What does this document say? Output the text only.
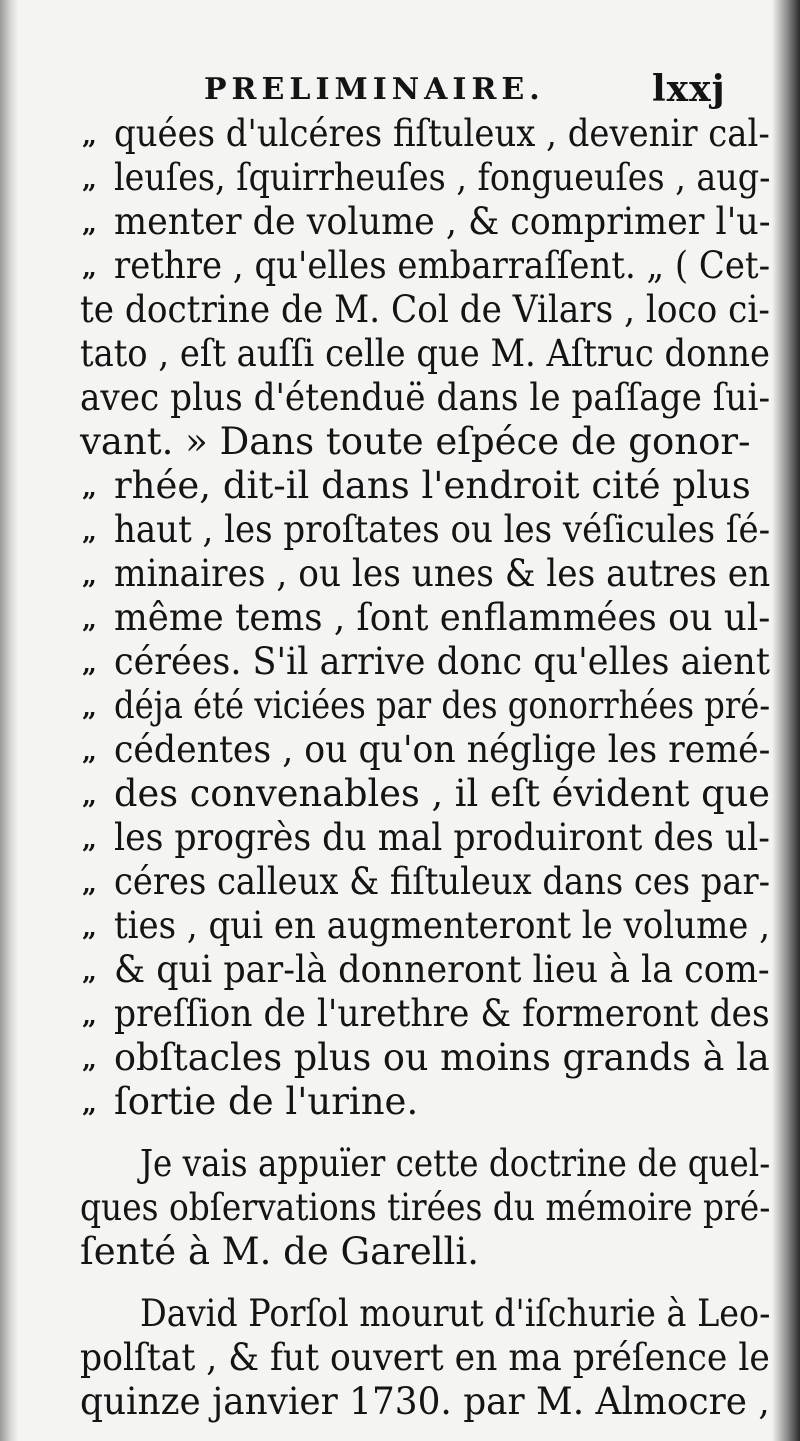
PRELIMINAIRE.	lxxj
„ quées d'ulcéres fiſtuleux , devenir cal-
„ leuſes, ſquirrheuſes , fongueuſes , aug-
„ menter de volume , & comprimer l'u-
„ rethre , qu'elles embarraſſent. „ ( Cet-
te doctrine de M. Col de Vilars , loco ci-
tato , eſt auſſi celle que M. Aſtruc donne
avec plus d'étenduë dans le paſſage ſui-
vant. » Dans toute eſpéce de gonor-
„ rhée, dit-il dans l'endroit cité plus
„ haut , les proſtates ou les véſicules ſé-
„ minaires , ou les unes & les autres en
„ même tems , ſont enflammées ou ul-
„ cérées. S'il arrive donc qu'elles aient
„ déja été viciées par des gonorrhées pré-
„ cédentes , ou qu'on néglige les remé-
„ des convenables , il eſt évident que
„ les progrès du mal produiront des ul-
„ céres calleux & fiſtuleux dans ces par-
„ ties , qui en augmenteront le volume ,
„ & qui par-là donneront lieu à la com-
„ preſſion de l'urethre & formeront des
„ obſtacles plus ou moins grands à la
„ ſortie de l'urine.
Je vais appuïer cette doctrine de quel-
ques obſervations tirées du mémoire pré-
ſenté à M. de Garelli.
David Porſol mourut d'iſchurie à Leo-
polſtat , & fut ouvert en ma préſence le
quinze janvier 1730. par M. Almocre ,
